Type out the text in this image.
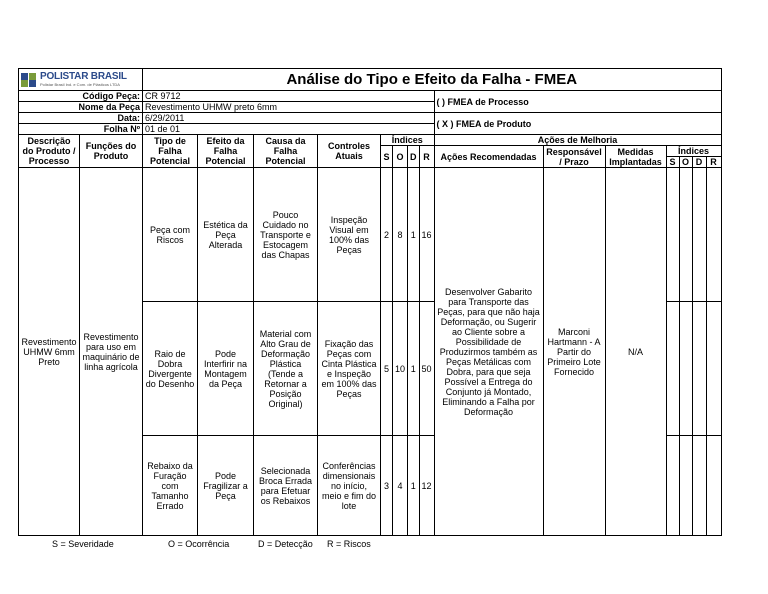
POLISTAR BRASIL
Polistar Brasil Ind. e Com. de Plásticos LTDA		Análise do Tipo e Efeito da Falha - FMEA														
Código Peça:		CR 9712								( ) FMEA de Processo						
Nome da Peça		Revestimento UHMW preto 6mm														
Data:		6/29/2011								( X ) FMEA de Produto						
Folha Nº		01 de 01														
Descrição do Produto / Processo	Funções do Produto	Tipo de Falha Potencial	Efeito da Falha Potencial	Causa da Falha Potencial	Controles Atuais	Índices				Ações de Melhoria						
						S	O	D	R	Ações Recomendadas	Responsável / Prazo	Medidas Implantadas	Índices			
													S	O	D	R
Revestimento UHMW 6mm Preto	Revestimento para uso em maquinário de linha agrícola	Peça com Riscos	Estética da Peça Alterada	Pouco Cuidado no Transporte e Estocagem das Chapas	Inspeção Visual em 100% das Peças	2	8	1	16	Desenvolver Gabarito para Transporte das Peças, para que não haja Deformação, ou Sugerir ao Cliente sobre a Possibilidade de Produzirmos também as Peças Metálicas com Dobra, para que seja Possível a Entrega do Conjunto já Montado, Eliminando a Falha por Deformação	Marconi Hartmann - A Partir do Primeiro Lote Fornecido	N/A				
		Raio de Dobra Divergente do Desenho	Pode Interfirir na Montagem da Peça	Material com Alto Grau de Deformação Plástica (Tende a Retornar a Posição Original)	Fixação das Peças com Cinta Plástica e Inspeção em 100% das Peças	5	10	1	50							
		Rebaixo da Furação com Tamanho Errado	Pode Fragilizar a Peça	Selecionada Broca Errada para Efetuar os Rebaixos	Conferências dimensionais no início, meio e fim do lote	3	4	1	12							
S = Severidade	O = Ocorrência	D = Detecção R = Riscos
